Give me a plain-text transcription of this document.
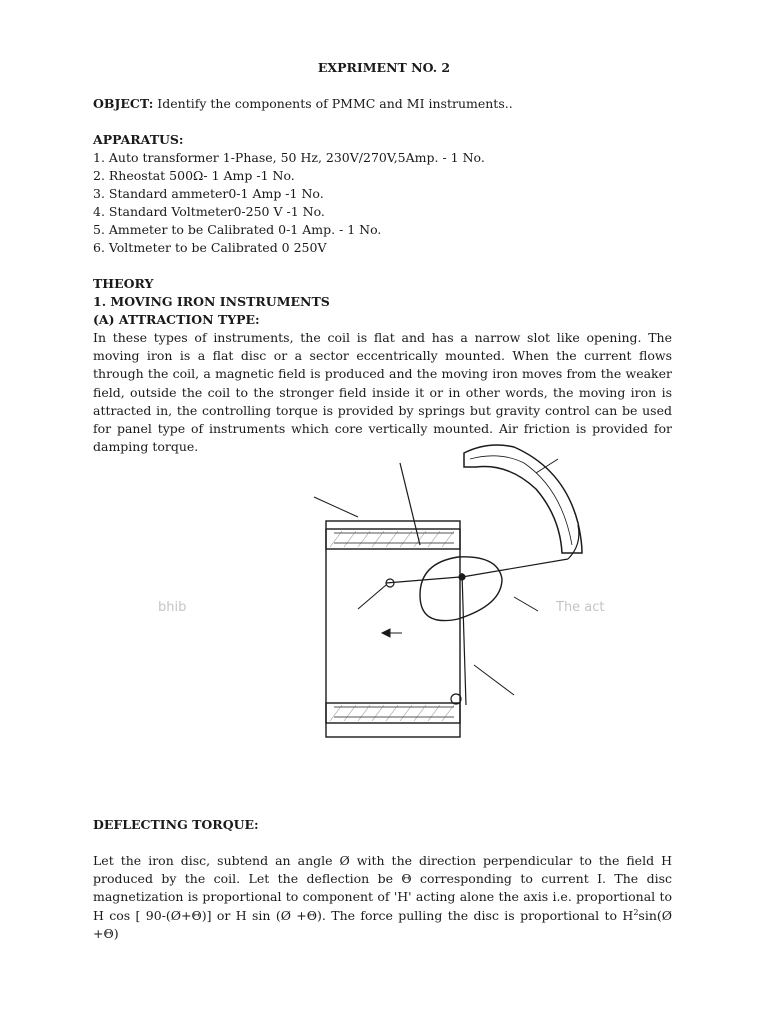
EXPRIMENT NO. 2
OBJECT: Identify the components of PMMC and MI instruments..
APPARATUS:
1. Auto transformer 1-Phase, 50 Hz, 230V/270V,5Amp. - 1 No.
2. Rheostat 500Ω- 1 Amp -1 No.
3. Standard ammeter0-1 Amp -1 No.
4. Standard Voltmeter0-250 V -1 No.
5. Ammeter to be Calibrated 0-1 Amp. - 1 No.
6. Voltmeter to be Calibrated 0 250V
THEORY
1. MOVING IRON INSTRUMENTS
(A) ATTRACTION TYPE:

In these types of instruments, the coil is flat and has a narrow slot like opening. The moving iron is a flat disc or a sector eccentrically mounted. When the current flows through the coil, a magnetic field is produced and the moving iron moves from the weaker field, outside the coil to the stronger field inside it or in other words, the moving iron is attracted in, the controlling torque is provided by springs but gravity control can be used for panel type of instruments which core vertically mounted. Air friction is provided for damping torque.

bhib	The act
DEFLECTING TORQUE:

Let the iron disc, subtend an angle Ø with the direction perpendicular to the field H produced by the coil. Let the deflection be Θ corresponding to current I. The disc magnetization is proportional to component of 'H' acting alone the axis i.e. proportional to H cos [ 90-(Ø+Θ)] or H sin (Ø +Θ). The force pulling the disc is proportional to $H^2\sin(Ø +\Theta)$
